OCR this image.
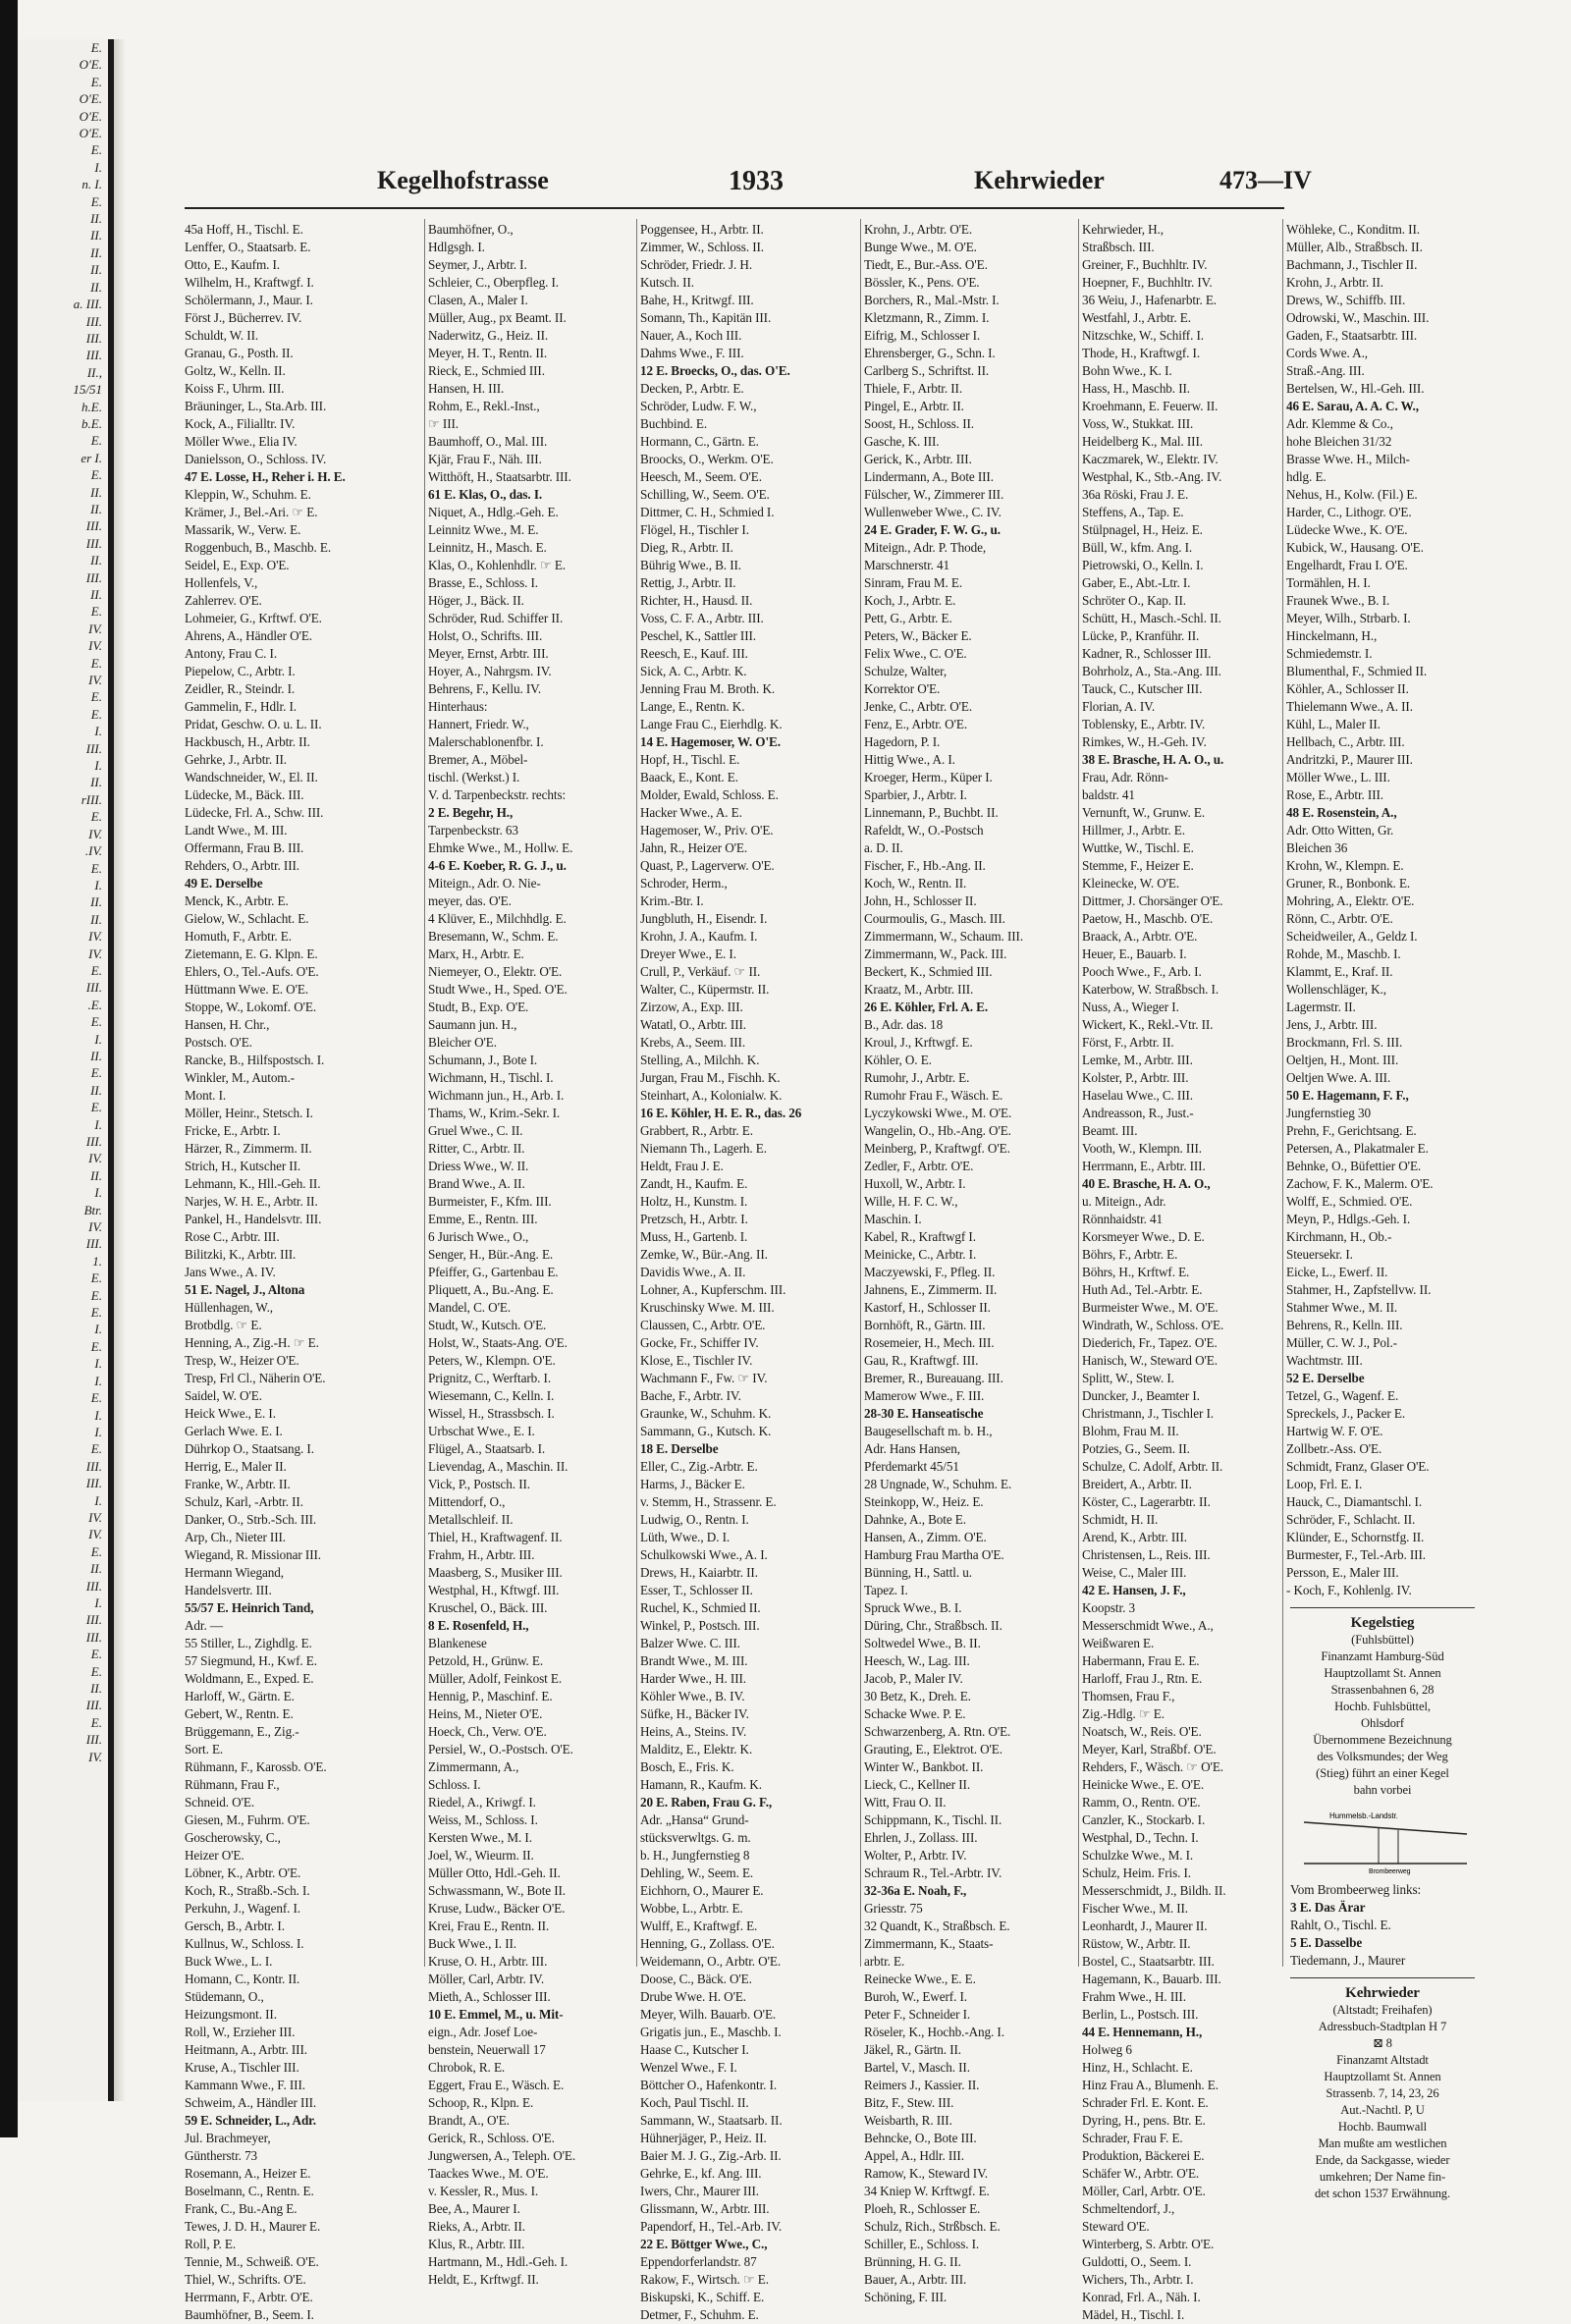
E.
O'E.
E.
O'E.
O'E.
O'E.
E.
I.
n. I.
E.
II.
II.
II.
II.
II.
a. III.
III.
III.
III.
II.,
15/51
h.E.
b.E.
E.
er I.
E.
II.
II.
III.
III.
II.
III.
II.
E.
IV.
IV.
E.
IV.
E.
E.
I.
III.
I.
II.
rIII.
E.
IV.
.IV.
E.
I.
II.
II.
IV.
IV.
E.
III.
.E.
E.
I.
II.
E.
II.
E.
I.
III.
IV.
II.
I.
Btr.
IV.
III.
1.
E.
E.
E.
I.
E.
I.
I.
E.
I.
I.
E.
III.
III.
I.
IV.
IV.
E.
II.
III.
I.
III.
III.
E.
E.
II.
III.
E.
III.
IV.
Kegelhofstrasse	1933	Kehrwieder	473—IV
45a Hoff, H., Tischl. E.
Lenffer, O., Staatsarb. E.
Otto, E., Kaufm. I.
Wilhelm, H., Kraftwgf. I.
Schölermann, J., Maur. I.
Först J., Bücherrev. IV.
Schuldt, W. II.
Granau, G., Posth. II.
Goltz, W., Kelln. II.
Koiss F., Uhrm. III.
Bräuninger, L., Sta.Arb. III.
Kock, A., Filialltr. IV.
Möller Wwe., Elia IV.
Danielsson, O., Schloss. IV.
47 E. Losse, H., Reher i. H. E.
Kleppin, W., Schuhm. E.
Krämer, J., Bel.-Ari. ☞ E.
Massarik, W., Verw. E.
Roggenbuch, B., Maschb. E.
Seidel, E., Exp. O'E.
Hollenfels, V.,
Zahlerrev. O'E.
Lohmeier, G., Krftwf. O'E.
Ahrens, A., Händler O'E.
Antony, Frau C. I.
Piepelow, C., Arbtr. I.
Zeidler, R., Steindr. I.
Gammelin, F., Hdlr. I.
Pridat, Geschw. O. u. L. II.
Hackbusch, H., Arbtr. II.
Gehrke, J., Arbtr. II.
Wandschneider, W., El. II.
Lüdecke, M., Bäck. III.
Lüdecke, Frl. A., Schw. III.
Landt Wwe., M. III.
Offermann, Frau B. III.
Rehders, O., Arbtr. III.
49 E. Derselbe
Menck, K., Arbtr. E.
Gielow, W., Schlacht. E.
Homuth, F., Arbtr. E.
Zietemann, E. G. Klpn. E.
Ehlers, O., Tel.-Aufs. O'E.
Hüttmann Wwe. E. O'E.
Stoppe, W., Lokomf. O'E.
Hansen, H. Chr.,
Postsch. O'E.
Rancke, B., Hilfspostsch. I.
Winkler, M., Autom.-
Mont. I.
Möller, Heinr., Stetsch. I.
Fricke, E., Arbtr. I.
Härzer, R., Zimmerm. II.
Strich, H., Kutscher II.
Lehmann, K., Hll.-Geh. II.
Narjes, W. H. E., Arbtr. II.
Pankel, H., Handelsvtr. III.
Rose C., Arbtr. III.
Bilitzki, K., Arbtr. III.
Jans Wwe., A. IV.
51 E. Nagel, J., Altona
Hüllenhagen, W.,
Brotbdlg. ☞ E.
Henning, A., Zig.-H. ☞ E.
Tresp, W., Heizer O'E.
Tresp, Frl Cl., Näherin O'E.
Saidel, W. O'E.
Heick Wwe., E. I.
Gerlach Wwe. E. I.
Dührkop O., Staatsang. I.
Herrig, E., Maler II.
Franke, W., Arbtr. II.
Schulz, Karl, -Arbtr. II.
Danker, O., Strb.-Sch. III.
Arp, Ch., Nieter III.
Wiegand, R. Missionar III.
Hermann Wiegand,
Handelsvertr. III.
55/57 E. Heinrich Tand,
Adr. —
55 Stiller, L., Zighdlg. E.
57 Siegmund, H., Kwf. E.
Woldmann, E., Exped. E.
Harloff, W., Gärtn. E.
Gebert, W., Rentn. E.
Brüggemann, E., Zig.-
Sort. E.
Rühmann, F., Karossb. O'E.
Rühmann, Frau F.,
Schneid. O'E.
Giesen, M., Fuhrm. O'E.
Goscherowsky, C.,
Heizer O'E.
Löbner, K., Arbtr. O'E.
Koch, R., Straßb.-Sch. I.
Perkuhn, J., Wagenf. I.
Gersch, B., Arbtr. I.
Kullnus, W., Schloss. I.
Buck Wwe., L. I.
Homann, C., Kontr. II.
Stüdemann, O.,
Heizungsmont. II.
Roll, W., Erzieher III.
Heitmann, A., Arbtr. III.
Kruse, A., Tischler III.
Kammann Wwe., F. III.
Schweim, A., Händler III.
59 E. Schneider, L., Adr.
Jul. Brachmeyer,
Güntherstr. 73
Rosemann, A., Heizer E.
Boselmann, C., Rentn. E.
Frank, C., Bu.-Ang E.
Tewes, J. D. H., Maurer E.
Roll, P. E.
Tennie, M., Schweiß. O'E.
Thiel, W., Schrifts. O'E.
Herrmann, F., Arbtr. O'E.
Baumhöfner, B., Seem. I.
Baumhöfner, O.,
Hdlgsgh. I.
Seymer, J., Arbtr. I.
Schleier, C., Oberpfleg. I.
Clasen, A., Maler I.
Müller, Aug., px Beamt. II.
Naderwitz, G., Heiz. II.
Meyer, H. T., Rentn. II.
Rieck, E., Schmied III.
Hansen, H. III.
Rohm, E., Rekl.-Inst.,
☞ III.
Baumhoff, O., Mal. III.
Kjär, Frau F., Näh. III.
Witthöft, H., Staatsarbtr. III.
61 E. Klas, O., das. I.
Niquet, A., Hdlg.-Geh. E.
Leinnitz Wwe., M. E.
Leinnitz, H., Masch. E.
Klas, O., Kohlenhdlr. ☞ E.
Brasse, E., Schloss. I.
Höger, J., Bäck. II.
Schröder, Rud. Schiffer II.
Holst, O., Schrifts. III.
Meyer, Ernst, Arbtr. III.
Hoyer, A., Nahrgsm. IV.
Behrens, F., Kellu. IV.
Hinterhaus:
Hannert, Friedr. W.,
Malerschablonenfbr. I.
Bremer, A., Möbel-
tischl. (Werkst.) I.
V. d. Tarpenbeckstr. rechts:
2 E. Begehr, H.,
Tarpenbeckstr. 63
Ehmke Wwe., M., Hollw. E.
4-6 E. Koeber, R. G. J., u.
Miteign., Adr. O. Nie-
meyer, das. O'E.
4 Klüver, E., Milchhdlg. E.
Bresemann, W., Schm. E.
Marx, H., Arbtr. E.
Niemeyer, O., Elektr. O'E.
Studt Wwe., H., Sped. O'E.
Studt, B., Exp. O'E.
Saumann jun. H.,
Bleicher O'E.
Schumann, J., Bote I.
Wichmann, H., Tischl. I.
Wichmann jun., H., Arb. I.
Thams, W., Krim.-Sekr. I.
Gruel Wwe., C. II.
Ritter, C., Arbtr. II.
Driess Wwe., W. II.
Brand Wwe., A. II.
Burmeister, F., Kfm. III.
Emme, E., Rentn. III.
6 Jurisch Wwe., O.,
Senger, H., Bür.-Ang. E.
Pfeiffer, G., Gartenbau E.
Pliquett, A., Bu.-Ang. E.
Mandel, C. O'E.
Studt, W., Kutsch. O'E.
Holst, W., Staats-Ang. O'E.
Peters, W., Klempn. O'E.
Prignitz, C., Werftarb. I.
Wiesemann, C., Kelln. I.
Wissel, H., Strassbsch. I.
Urbschat Wwe., E. I.
Flügel, A., Staatsarb. I.
Lievendag, A., Maschin. II.
Vick, P., Postsch. II.
Mittendorf, O.,
Metallschleif. II.
Thiel, H., Kraftwagenf. II.
Frahm, H., Arbtr. III.
Maasberg, S., Musiker III.
Westphal, H., Kftwgf. III.
Kruschel, O., Bäck. III.
8 E. Rosenfeld, H.,
Blankenese
Petzold, H., Grünw. E.
Müller, Adolf, Feinkost E.
Hennig, P., Maschinf. E.
Heins, M., Nieter O'E.
Hoeck, Ch., Verw. O'E.
Persiel, W., O.-Postsch. O'E.
Zimmermann, A.,
Schloss. I.
Riedel, A., Kriwgf. I.
Weiss, M., Schloss. I.
Kersten Wwe., M. I.
Joel, W., Wieurm. II.
Müller Otto, Hdl.-Geh. II.
Schwassmann, W., Bote II.
Kruse, Ludw., Bäcker O'E.
Krei, Frau E., Rentn. II.
Buck Wwe., I. II.
Kruse, O. H., Arbtr. III.
Möller, Carl, Arbtr. IV.
Mieth, A., Schlosser III.
10 E. Emmel, M., u. Mit-
eign., Adr. Josef Loe-
benstein, Neuerwall 17
Chrobok, R. E.
Eggert, Frau E., Wäsch. E.
Schoop, R., Klpn. E.
Brandt, A., O'E.
Gerick, R., Schloss. O'E.
Jungwersen, A., Teleph. O'E.
Taackes Wwe., M. O'E.
v. Kessler, R., Mus. I.
Bee, A., Maurer I.
Rieks, A., Arbtr. II.
Klus, R., Arbtr. III.
Hartmann, M., Hdl.-Geh. I.
Heldt, E., Krftwgf. II.
Poggensee, H., Arbtr. II.
Zimmer, W., Schloss. II.
Schröder, Friedr. J. H.
Kutsch. II.
Bahe, H., Kritwgf. III.
Somann, Th., Kapitän III.
Nauer, A., Koch III.
Dahms Wwe., F. III.
12 E. Broecks, O., das. O'E.
Decken, P., Arbtr. E.
Schröder, Ludw. F. W.,
Buchbind. E.
Hormann, C., Gärtn. E.
Broocks, O., Werkm. O'E.
Heesch, M., Seem. O'E.
Schilling, W., Seem. O'E.
Dittmer, C. H., Schmied I.
Flögel, H., Tischler I.
Dieg, R., Arbtr. II.
Bührig Wwe., B. II.
Rettig, J., Arbtr. II.
Richter, H., Hausd. II.
Voss, C. F. A., Arbtr. III.
Peschel, K., Sattler III.
Reesch, E., Kauf. III.
Sick, A. C., Arbtr. K.
Jenning Frau M. Broth. K.
Lange, E., Rentn. K.
Lange Frau C., Eierhdlg. K.
14 E. Hagemoser, W. O'E.
Hopf, H., Tischl. E.
Baack, E., Kont. E.
Molder, Ewald, Schloss. E.
Hacker Wwe., A. E.
Hagemoser, W., Priv. O'E.
Jahn, R., Heizer O'E.
Quast, P., Lagerverw. O'E.
Schroder, Herm.,
Krim.-Btr. I.
Jungbluth, H., Eisendr. I.
Krohn, J. A., Kaufm. I.
Dreyer Wwe., E. I.
Crull, P., Verkäuf. ☞ II.
Walter, C., Küpermstr. II.
Zirzow, A., Exp. III.
Watatl, O., Arbtr. III.
Krebs, A., Seem. III.
Stelling, A., Milchh. K.
Jurgan, Frau M., Fischh. K.
Steinhart, A., Kolonialw. K.
16 E. Köhler, H. E. R., das. 26
Grabbert, R., Arbtr. E.
Niemann Th., Lagerh. E.
Heldt, Frau J. E.
Zandt, H., Kaufm. E.
Holtz, H., Kunstm. I.
Pretzsch, H., Arbtr. I.
Muss, H., Gartenb. I.
Zemke, W., Bür.-Ang. II.
Davidis Wwe., A. II.
Lohner, A., Kupferschm. III.
Kruschinsky Wwe. M. III.
Claussen, C., Arbtr. O'E.
Gocke, Fr., Schiffer IV.
Klose, E., Tischler IV.
Wachmann F., Fw. ☞ IV.
Bache, F., Arbtr. IV.
Graunke, W., Schuhm. K.
Sammann, G., Kutsch. K.
18 E. Derselbe
Eller, C., Zig.-Arbtr. E.
Harms, J., Bäcker E.
v. Stemm, H., Strassenr. E.
Ludwig, O., Rentn. I.
Lüth, Wwe., D. I.
Schulkowski Wwe., A. I.
Drews, H., Kaiarbtr. II.
Esser, T., Schlosser II.
Ruchel, K., Schmied II.
Winkel, P., Postsch. III.
Balzer Wwe. C. III.
Brandt Wwe., M. III.
Harder Wwe., H. III.
Köhler Wwe., B. IV.
Süfke, H., Bäcker IV.
Heins, A., Steins. IV.
Malditz, E., Elektr. K.
Bosch, E., Fris. K.
Hamann, R., Kaufm. K.
20 E. Raben, Frau G. F.,
Adr. „Hansa“ Grund-
stücksverwltgs. G. m.
b. H., Jungfernstieg 8
Dehling, W., Seem. E.
Eichhorn, O., Maurer E.
Wobbe, L., Arbtr. E.
Wulff, E., Kraftwgf. E.
Henning, G., Zollass. O'E.
Weidemann, O., Arbtr. O'E.
Doose, C., Bäck. O'E.
Drube Wwe. H. O'E.
Meyer, Wilh. Bauarb. O'E.
Grigatis jun., E., Maschb. I.
Haase C., Kutscher I.
Wenzel Wwe., F. I.
Böttcher O., Hafenkontr. I.
Koch, Paul Tischl. II.
Sammann, W., Staatsarb. II.
Hühnerjäger, P., Heiz. II.
Baier M. J. G., Zig.-Arb. II.
Gehrke, E., kf. Ang. III.
Iwers, Chr., Maurer III.
Glissmann, W., Arbtr. III.
Papendorf, H., Tel.-Arb. IV.
22 E. Böttger Wwe., C.,
Eppendorferlandstr. 87
Rakow, F., Wirtsch. ☞ E.
Biskupski, K., Schiff. E.
Detmer, F., Schuhm. E.
Krohn, J., Arbtr. O'E.
Bunge Wwe., M. O'E.
Tiedt, E., Bur.-Ass. O'E.
Bössler, K., Pens. O'E.
Borchers, R., Mal.-Mstr. I.
Kletzmann, R., Zimm. I.
Eifrig, M., Schlosser I.
Ehrensberger, G., Schn. I.
Carlberg S., Schriftst. II.
Thiele, F., Arbtr. II.
Pingel, E., Arbtr. II.
Soost, H., Schloss. II.
Gasche, K. III.
Gerick, K., Arbtr. III.
Lindermann, A., Bote III.
Fülscher, W., Zimmerer III.
Wullenweber Wwe., C. IV.
24 E. Grader, F. W. G., u.
Miteign., Adr. P. Thode,
Marschnerstr. 41
Sinram, Frau M. E.
Koch, J., Arbtr. E.
Pett, G., Arbtr. E.
Peters, W., Bäcker E.
Felix Wwe., C. O'E.
Schulze, Walter,
Korrektor O'E.
Jenke, C., Arbtr. O'E.
Fenz, E., Arbtr. O'E.
Hagedorn, P. I.
Hittig Wwe., A. I.
Kroeger, Herm., Küper I.
Sparbier, J., Arbtr. I.
Linnemann, P., Buchbt. II.
Rafeldt, W., O.-Postsch
a. D. II.
Fischer, F., Hb.-Ang. II.
Koch, W., Rentn. II.
John, H., Schlosser II.
Courmoulis, G., Masch. III.
Zimmermann, W., Schaum. III.
Zimmermann, W., Pack. III.
Beckert, K., Schmied III.
Kraatz, M., Arbtr. III.
26 E. Köhler, Frl. A. E.
B., Adr. das. 18
Kroul, J., Krftwgf. E.
Köhler, O. E.
Rumohr, J., Arbtr. E.
Rumohr Frau F., Wäsch. E.
Lyczykowski Wwe., M. O'E.
Wangelin, O., Hb.-Ang. O'E.
Meinberg, P., Kraftwgf. O'E.
Zedler, F., Arbtr. O'E.
Huxoll, W., Arbtr. I.
Wille, H. F. C. W.,
Maschin. I.
Kabel, R., Kraftwgf I.
Meinicke, C., Arbtr. I.
Maczyewski, F., Pfleg. II.
Jahnens, E., Zimmerm. II.
Kastorf, H., Schlosser II.
Bornhöft, R., Gärtn. III.
Rosemeier, H., Mech. III.
Gau, R., Kraftwgf. III.
Bremer, R., Bureauang. III.
Mamerow Wwe., F. III.
28-30 E. Hanseatische
Baugesellschaft m. b. H.,
Adr. Hans Hansen,
Pferdemarkt 45/51
28 Ungnade, W., Schuhm. E.
Steinkopp, W., Heiz. E.
Dahnke, A., Bote E.
Hansen, A., Zimm. O'E.
Hamburg Frau Martha O'E.
Bünning, H., Sattl. u.
Tapez. I.
Spruck Wwe., B. I.
Düring, Chr., Straßbsch. II.
Soltwedel Wwe., B. II.
Heesch, W., Lag. III.
Jacob, P., Maler IV.
30 Betz, K., Dreh. E.
Schacke Wwe. P. E.
Schwarzenberg, A. Rtn. O'E.
Grauting, E., Elektrot. O'E.
Winter W., Bankbot. II.
Lieck, C., Kellner II.
Witt, Frau O. II.
Schippmann, K., Tischl. II.
Ehrlen, J., Zollass. III.
Wolter, P., Arbtr. IV.
Schraum R., Tel.-Arbtr. IV.
32-36a E. Noah, F.,
Griesstr. 75
32 Quandt, K., Straßbsch. E.
Zimmermann, K., Staats-
arbtr. E.
Reinecke Wwe., E. E.
Buroh, W., Ewerf. I.
Peter F., Schneider I.
Röseler, K., Hochb.-Ang. I.
Jäkel, R., Gärtn. II.
Bartel, V., Masch. II.
Reimers J., Kassier. II.
Bitz, F., Stew. III.
Weisbarth, R. III.
Behncke, O., Bote III.
Appel, A., Hdlr. III.
Ramow, K., Steward IV.
34 Kniep W. Krftwgf. E.
Ploeh, R., Schlosser E.
Schulz, Rich., Strßbsch. E.
Schiller, E., Schloss. I.
Brünning, H. G. II.
Bauer, A., Arbtr. III.
Schöning, F. III.
Kehrwieder, H.,
Straßbsch. III.
Greiner, F., Buchhltr. IV.
Hoepner, F., Buchhltr. IV.
36 Weiu, J., Hafenarbtr. E.
Westfahl, J., Arbtr. E.
Nitzschke, W., Schiff. I.
Thode, H., Kraftwgf. I.
Bohn Wwe., K. I.
Hass, H., Maschb. II.
Kroehmann, E. Feuerw. II.
Voss, W., Stukkat. III.
Heidelberg K., Mal. III.
Kaczmarek, W., Elektr. IV.
Westphal, K., Stb.-Ang. IV.
36a Röski, Frau J. E.
Steffens, A., Tap. E.
Stülpnagel, H., Heiz. E.
Büll, W., kfm. Ang. I.
Pietrowski, O., Kelln. I.
Gaber, E., Abt.-Ltr. I.
Schröter O., Kap. II.
Schütt, H., Masch.-Schl. II.
Lücke, P., Kranführ. II.
Kadner, R., Schlosser III.
Bohrholz, A., Sta.-Ang. III.
Tauck, C., Kutscher III.
Florian, A. IV.
Toblensky, E., Arbtr. IV.
Rimkes, W., H.-Geh. IV.
38 E. Brasche, H. A. O., u.
Frau, Adr. Rönn-
baldstr. 41
Vernunft, W., Grunw. E.
Hillmer, J., Arbtr. E.
Wuttke, W., Tischl. E.
Stemme, F., Heizer E.
Kleinecke, W. O'E.
Dittmer, J. Chorsänger O'E.
Paetow, H., Maschb. O'E.
Braack, A., Arbtr. O'E.
Heuer, E., Bauarb. I.
Pooch Wwe., F., Arb. I.
Katerbow, W. Straßbsch. I.
Nuss, A., Wieger I.
Wickert, K., Rekl.-Vtr. II.
Först, F., Arbtr. II.
Lemke, M., Arbtr. III.
Kolster, P., Arbtr. III.
Haselau Wwe., C. III.
Andreasson, R., Just.-
Beamt. III.
Vooth, W., Klempn. III.
Herrmann, E., Arbtr. III.
40 E. Brasche, H. A. O.,
u. Miteign., Adr.
Rönnhaidstr. 41
Korsmeyer Wwe., D. E.
Böhrs, F., Arbtr. E.
Böhrs, H., Krftwf. E.
Huth Ad., Tel.-Arbtr. E.
Burmeister Wwe., M. O'E.
Windrath, W., Schloss. O'E.
Diederich, Fr., Tapez. O'E.
Hanisch, W., Steward O'E.
Splitt, W., Stew. I.
Duncker, J., Beamter I.
Christmann, J., Tischler I.
Blohm, Frau M. II.
Potzies, G., Seem. II.
Schulze, C. Adolf, Arbtr. II.
Breidert, A., Arbtr. II.
Köster, C., Lagerarbtr. II.
Schmidt, H. II.
Arend, K., Arbtr. III.
Christensen, L., Reis. III.
Weise, C., Maler III.
42 E. Hansen, J. F.,
Koopstr. 3
Messerschmidt Wwe., A.,
Weißwaren E.
Habermann, Frau E. E.
Harloff, Frau J., Rtn. E.
Thomsen, Frau F.,
Zig.-Hdlg. ☞ E.
Noatsch, W., Reis. O'E.
Meyer, Karl, Straßbf. O'E.
Rehders, F., Wäsch. ☞ O'E.
Heinicke Wwe., E. O'E.
Ramm, O., Rentn. O'E.
Canzler, K., Stockarb. I.
Westphal, D., Techn. I.
Schulzke Wwe., M. I.
Schulz, Heim. Fris. I.
Messerschmidt, J., Bildh. II.
Fischer Wwe., M. II.
Leonhardt, J., Maurer II.
Rüstow, W., Arbtr. II.
Bostel, C., Staatsarbtr. III.
Hagemann, K., Bauarb. III.
Frahm Wwe., H. III.
Berlin, L., Postsch. III.
44 E. Hennemann, H.,
Holweg 6
Hinz, H., Schlacht. E.
Hinz Frau A., Blumenh. E.
Schrader Frl. E. Kont. E.
Dyring, H., pens. Btr. E.
Schrader, Frau F. E.
Produktion, Bäckerei E.
Schäfer W., Arbtr. O'E.
Möller, Carl, Arbtr. O'E.
Schmeltendorf, J.,
Steward O'E.
Winterberg, S. Arbtr. O'E.
Guldotti, O., Seem. I.
Wichers, Th., Arbtr. I.
Konrad, Frl. A., Näh. I.
Mädel, H., Tischl. I.
Wöhleke, C., Konditm. II.
Müller, Alb., Straßbsch. II.
Bachmann, J., Tischler II.
Krohn, J., Arbtr. II.
Drews, W., Schiffb. III.
Odrowski, W., Maschin. III.
Gaden, F., Staatsarbtr. III.
Cords Wwe. A.,
Straß.-Ang. III.
Bertelsen, W., Hl.-Geh. III.
46 E. Sarau, A. A. C. W.,
Adr. Klemme & Co.,
hohe Bleichen 31/32
Brasse Wwe. H., Milch-
hdlg. E.
Nehus, H., Kolw. (Fil.) E.
Harder, C., Lithogr. O'E.
Lüdecke Wwe., K. O'E.
Kubick, W., Hausang. O'E.
Engelhardt, Frau I. O'E.
Tormählen, H. I.
Fraunek Wwe., B. I.
Meyer, Wilh., Strbarb. I.
Hinckelmann, H.,
Schmiedemstr. I.
Blumenthal, F., Schmied II.
Köhler, A., Schlosser II.
Thielemann Wwe., A. II.
Kühl, L., Maler II.
Hellbach, C., Arbtr. III.
Andritzki, P., Maurer III.
Möller Wwe., L. III.
Rose, E., Arbtr. III.
48 E. Rosenstein, A.,
Adr. Otto Witten, Gr.
Bleichen 36
Krohn, W., Klempn. E.
Gruner, R., Bonbonk. E.
Mohring, A., Elektr. O'E.
Rönn, C., Arbtr. O'E.
Scheidweiler, A., Geldz I.
Rohde, M., Maschb. I.
Klammt, E., Kraf. II.
Wollenschläger, K.,
Lagermstr. II.
Jens, J., Arbtr. III.
Brockmann, Frl. S. III.
Oeltjen, H., Mont. III.
Oeltjen Wwe. A. III.
50 E. Hagemann, F. F.,
Jungfernstieg 30
Prehn, F., Gerichtsang. E.
Petersen, A., Plakatmaler E.
Behnke, O., Büfettier O'E.
Zachow, F. K., Malerm. O'E.
Wolff, E., Schmied. O'E.
Meyn, P., Hdlgs.-Geh. I.
Kirchmann, H., Ob.-
Steuersekr. I.
Eicke, L., Ewerf. II.
Stahmer, H., Zapfstellvw. II.
Stahmer Wwe., M. II.
Behrens, R., Kelln. III.
Müller, C. W. J., Pol.-
Wachtmstr. III.
52 E. Derselbe
Tetzel, G., Wagenf. E.
Spreckels, J., Packer E.
Hartwig W. F. O'E.
Zollbetr.-Ass. O'E.
Schmidt, Franz, Glaser O'E.
Loop, Frl. E. I.
Hauck, C., Diamantschl. I.
Schröder, F., Schlacht. II.
Klünder, E., Schornstfg. II.
Burmester, F., Tel.-Arb. III.
Persson, E., Maler III.
- Koch, F., Kohlenlg. IV.
Kegelstieg
(Fuhlsbüttel)
Finanzamt Hamburg-Süd
Hauptzollamt St. Annen
Strassenbahnen 6, 28
Hochb. Fuhlsbüttel,
Ohlsdorf
Übernommene Bezeichnung
des Volksmundes; der Weg
(Stieg) führt an einer Kegel
bahn vorbei
Hummelsb.-Landstr.
Brombeerweg
Vom Brombeerweg links:
3 E. Das Ärar
Rahlt, O., Tischl. E.
5 E. Dasselbe
Tiedemann, J., Maurer
Kehrwieder
(Altstadt; Freihafen)
Adressbuch-Stadtplan H 7
⊠ 8
Finanzamt Altstadt
Hauptzollamt St. Annen
Strassenb. 7, 14, 23, 26
Aut.-Nachtl. P, U
Hochb. Baumwall
Man mußte am westlichen
Ende, da Sackgasse, wieder
umkehren; Der Name fin-
det schon 1537 Erwähnung.
